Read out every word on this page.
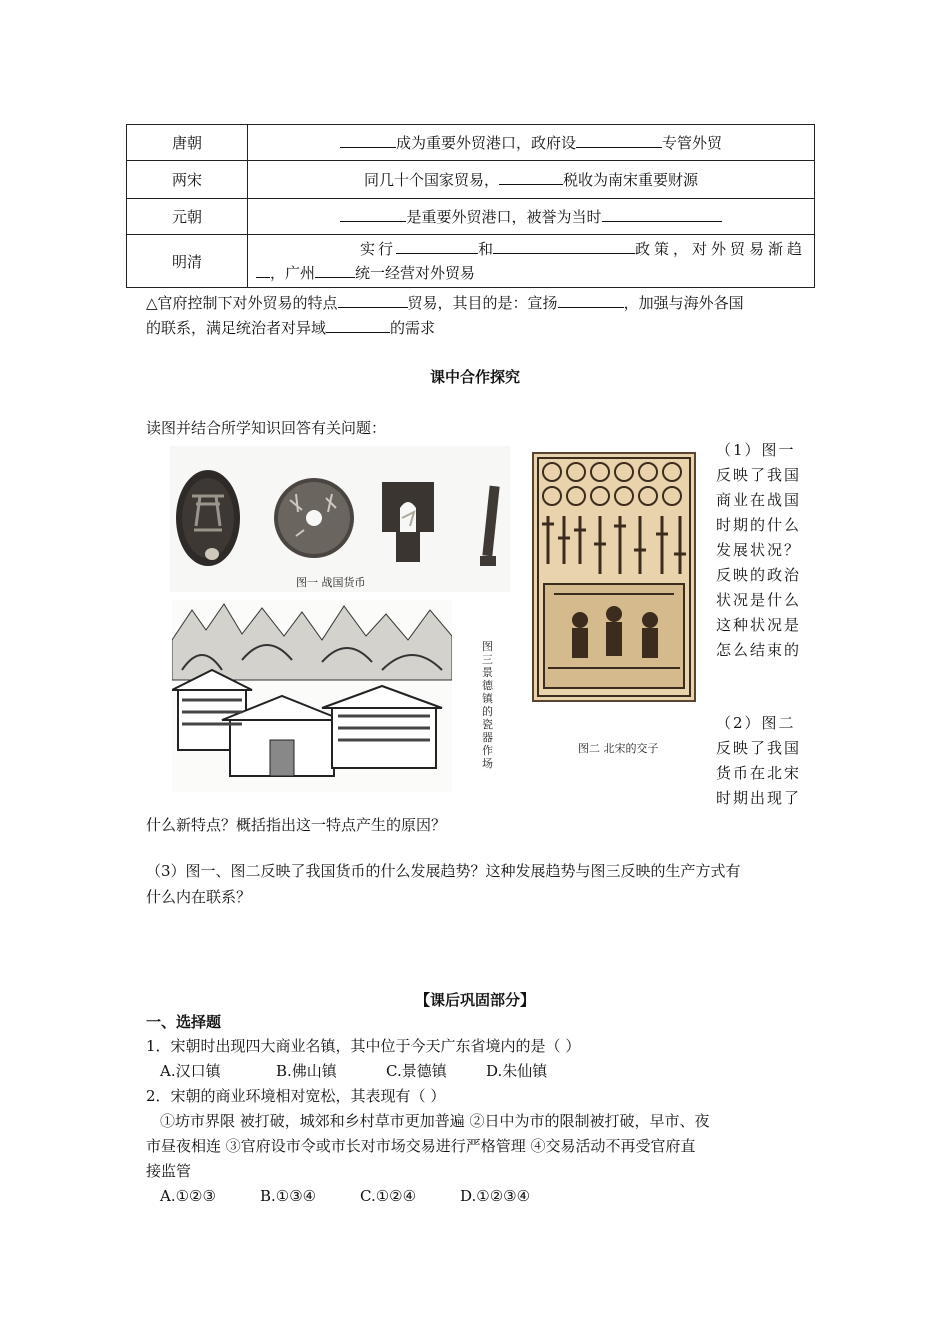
唐朝	成为重要外贸港口，政府设 专管外贸
两宋	同几十个国家贸易， 税收为南宋重要财源
元朝	是重要外贸港口，被誉为当时
明清	实行 和 政策，对外贸易渐趋
，广州 统一经营对外贸易
△官府控制下对外贸易的特点	贸易，其目的是：宣扬	，加强与海外各国
的联系，满足统治者对异域	的需求
课中合作探究
读图并结合所学知识回答有关问题：
图一 战国货币
图三 景德镇的瓷器作场
图二 北宋的交子
（1）图一
反映了我国
商业在战国
时期的什么
发展状况？
反映的政治
状况是什么
这种状况是
怎么结束的
（2）图二
反映了我国
货币在北宋
时期出现了
什么新特点？概括指出这一特点产生的原因？
（3）图一、图二反映了我国货币的什么发展趋势？这种发展趋势与图三反映的生产方式有
什么内在联系？
【课后巩固部分】
一、选择题
1．宋朝时出现四大商业名镇，其中位于今天广东省境内的是（ ）
A.汉口镇	B.佛山镇	C.景德镇	D.朱仙镇
2．宋朝的商业环境相对宽松，其表现有（ ）
①坊市界限 被打破，城郊和乡村草市更加普遍 ②日中为市的限制被打破，早市、夜
市昼夜相连 ③官府设市令或市长对市场交易进行严格管理 ④交易活动不再受官府直
接监管
A.①②③	B.①③④	C.①②④	D.①②③④
